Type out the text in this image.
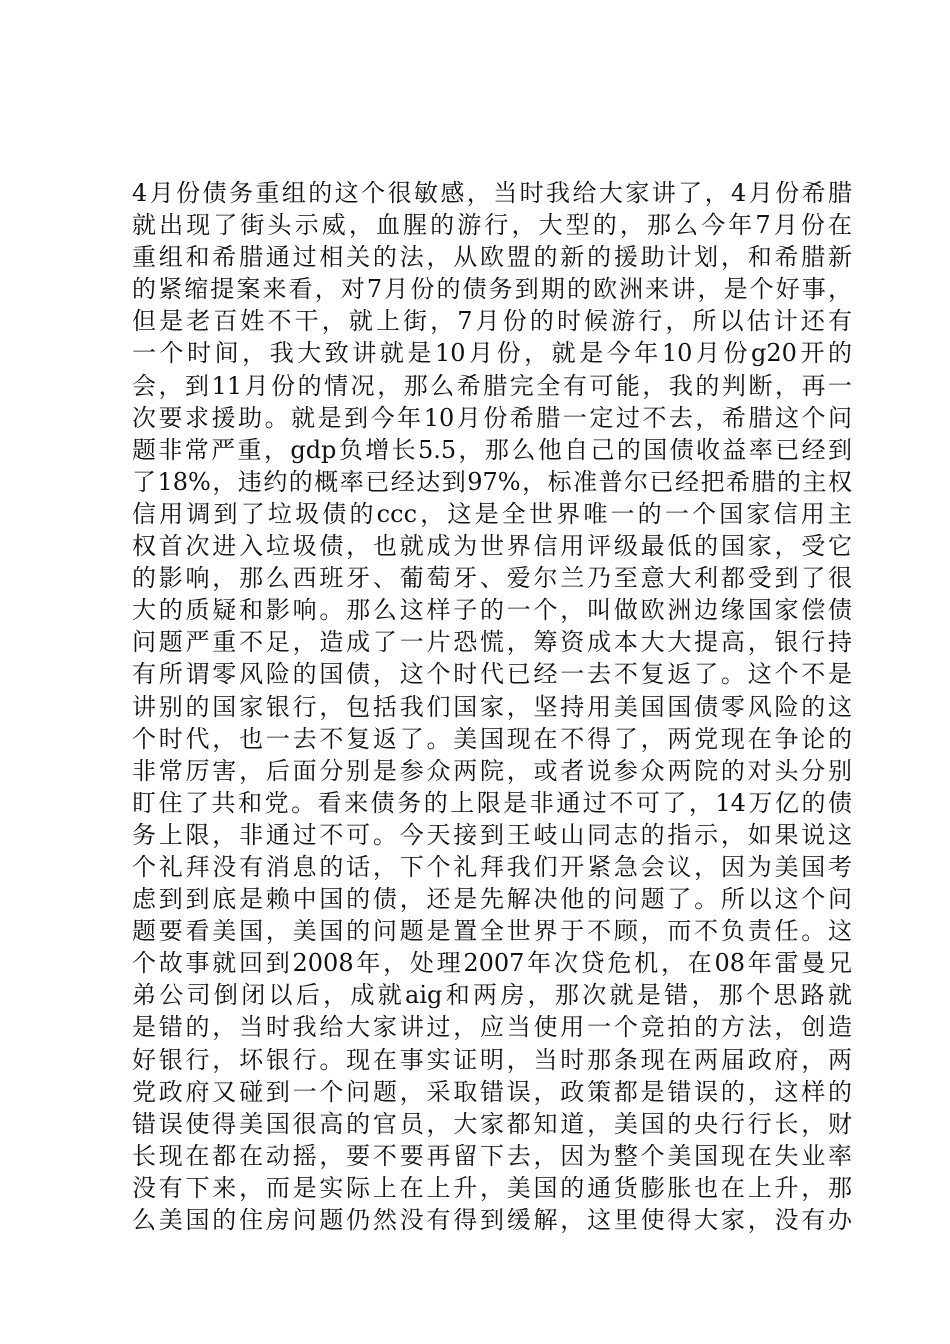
4月份债务重组的这个很敏感，当时我给大家讲了，4月份希腊
就出现了街头示威，血腥的游行，大型的，那么今年7月份在
重组和希腊通过相关的法，从欧盟的新的援助计划，和希腊新
的紧缩提案来看，对7月份的债务到期的欧洲来讲，是个好事，
但是老百姓不干，就上街，7月份的时候游行，所以估计还有
一个时间，我大致讲就是10月份，就是今年10月份g20开的
会，到11月份的情况，那么希腊完全有可能，我的判断，再一
次要求援助。就是到今年10月份希腊一定过不去，希腊这个问
题非常严重，gdp负增长5.5，那么他自己的国债收益率已经到
了18%，违约的概率已经达到97%，标准普尔已经把希腊的主权
信用调到了垃圾债的ccc，这是全世界唯一的一个国家信用主
权首次进入垃圾债，也就成为世界信用评级最低的国家，受它
的影响，那么西班牙、葡萄牙、爱尔兰乃至意大利都受到了很
大的质疑和影响。那么这样子的一个，叫做欧洲边缘国家偿债
问题严重不足，造成了一片恐慌，筹资成本大大提高，银行持
有所谓零风险的国债，这个时代已经一去不复返了。这个不是
讲别的国家银行，包括我们国家，坚持用美国国债零风险的这
个时代，也一去不复返了。美国现在不得了，两党现在争论的
非常厉害，后面分别是参众两院，或者说参众两院的对头分别
盯住了共和党。看来债务的上限是非通过不可了，14万亿的债
务上限，非通过不可。今天接到王岐山同志的指示，如果说这
个礼拜没有消息的话，下个礼拜我们开紧急会议，因为美国考
虑到到底是赖中国的债，还是先解决他的问题了。所以这个问
题要看美国，美国的问题是置全世界于不顾，而不负责任。这
个故事就回到2008年，处理2007年次贷危机，在08年雷曼兄
弟公司倒闭以后，成就aig和两房，那次就是错，那个思路就
是错的，当时我给大家讲过，应当使用一个竞拍的方法，创造
好银行，坏银行。现在事实证明，当时那条现在两届政府，两
党政府又碰到一个问题，采取错误，政策都是错误的，这样的
错误使得美国很高的官员，大家都知道，美国的央行行长，财
长现在都在动摇，要不要再留下去，因为整个美国现在失业率
没有下来，而是实际上在上升，美国的通货膨胀也在上升，那
么美国的住房问题仍然没有得到缓解，这里使得大家，没有办
